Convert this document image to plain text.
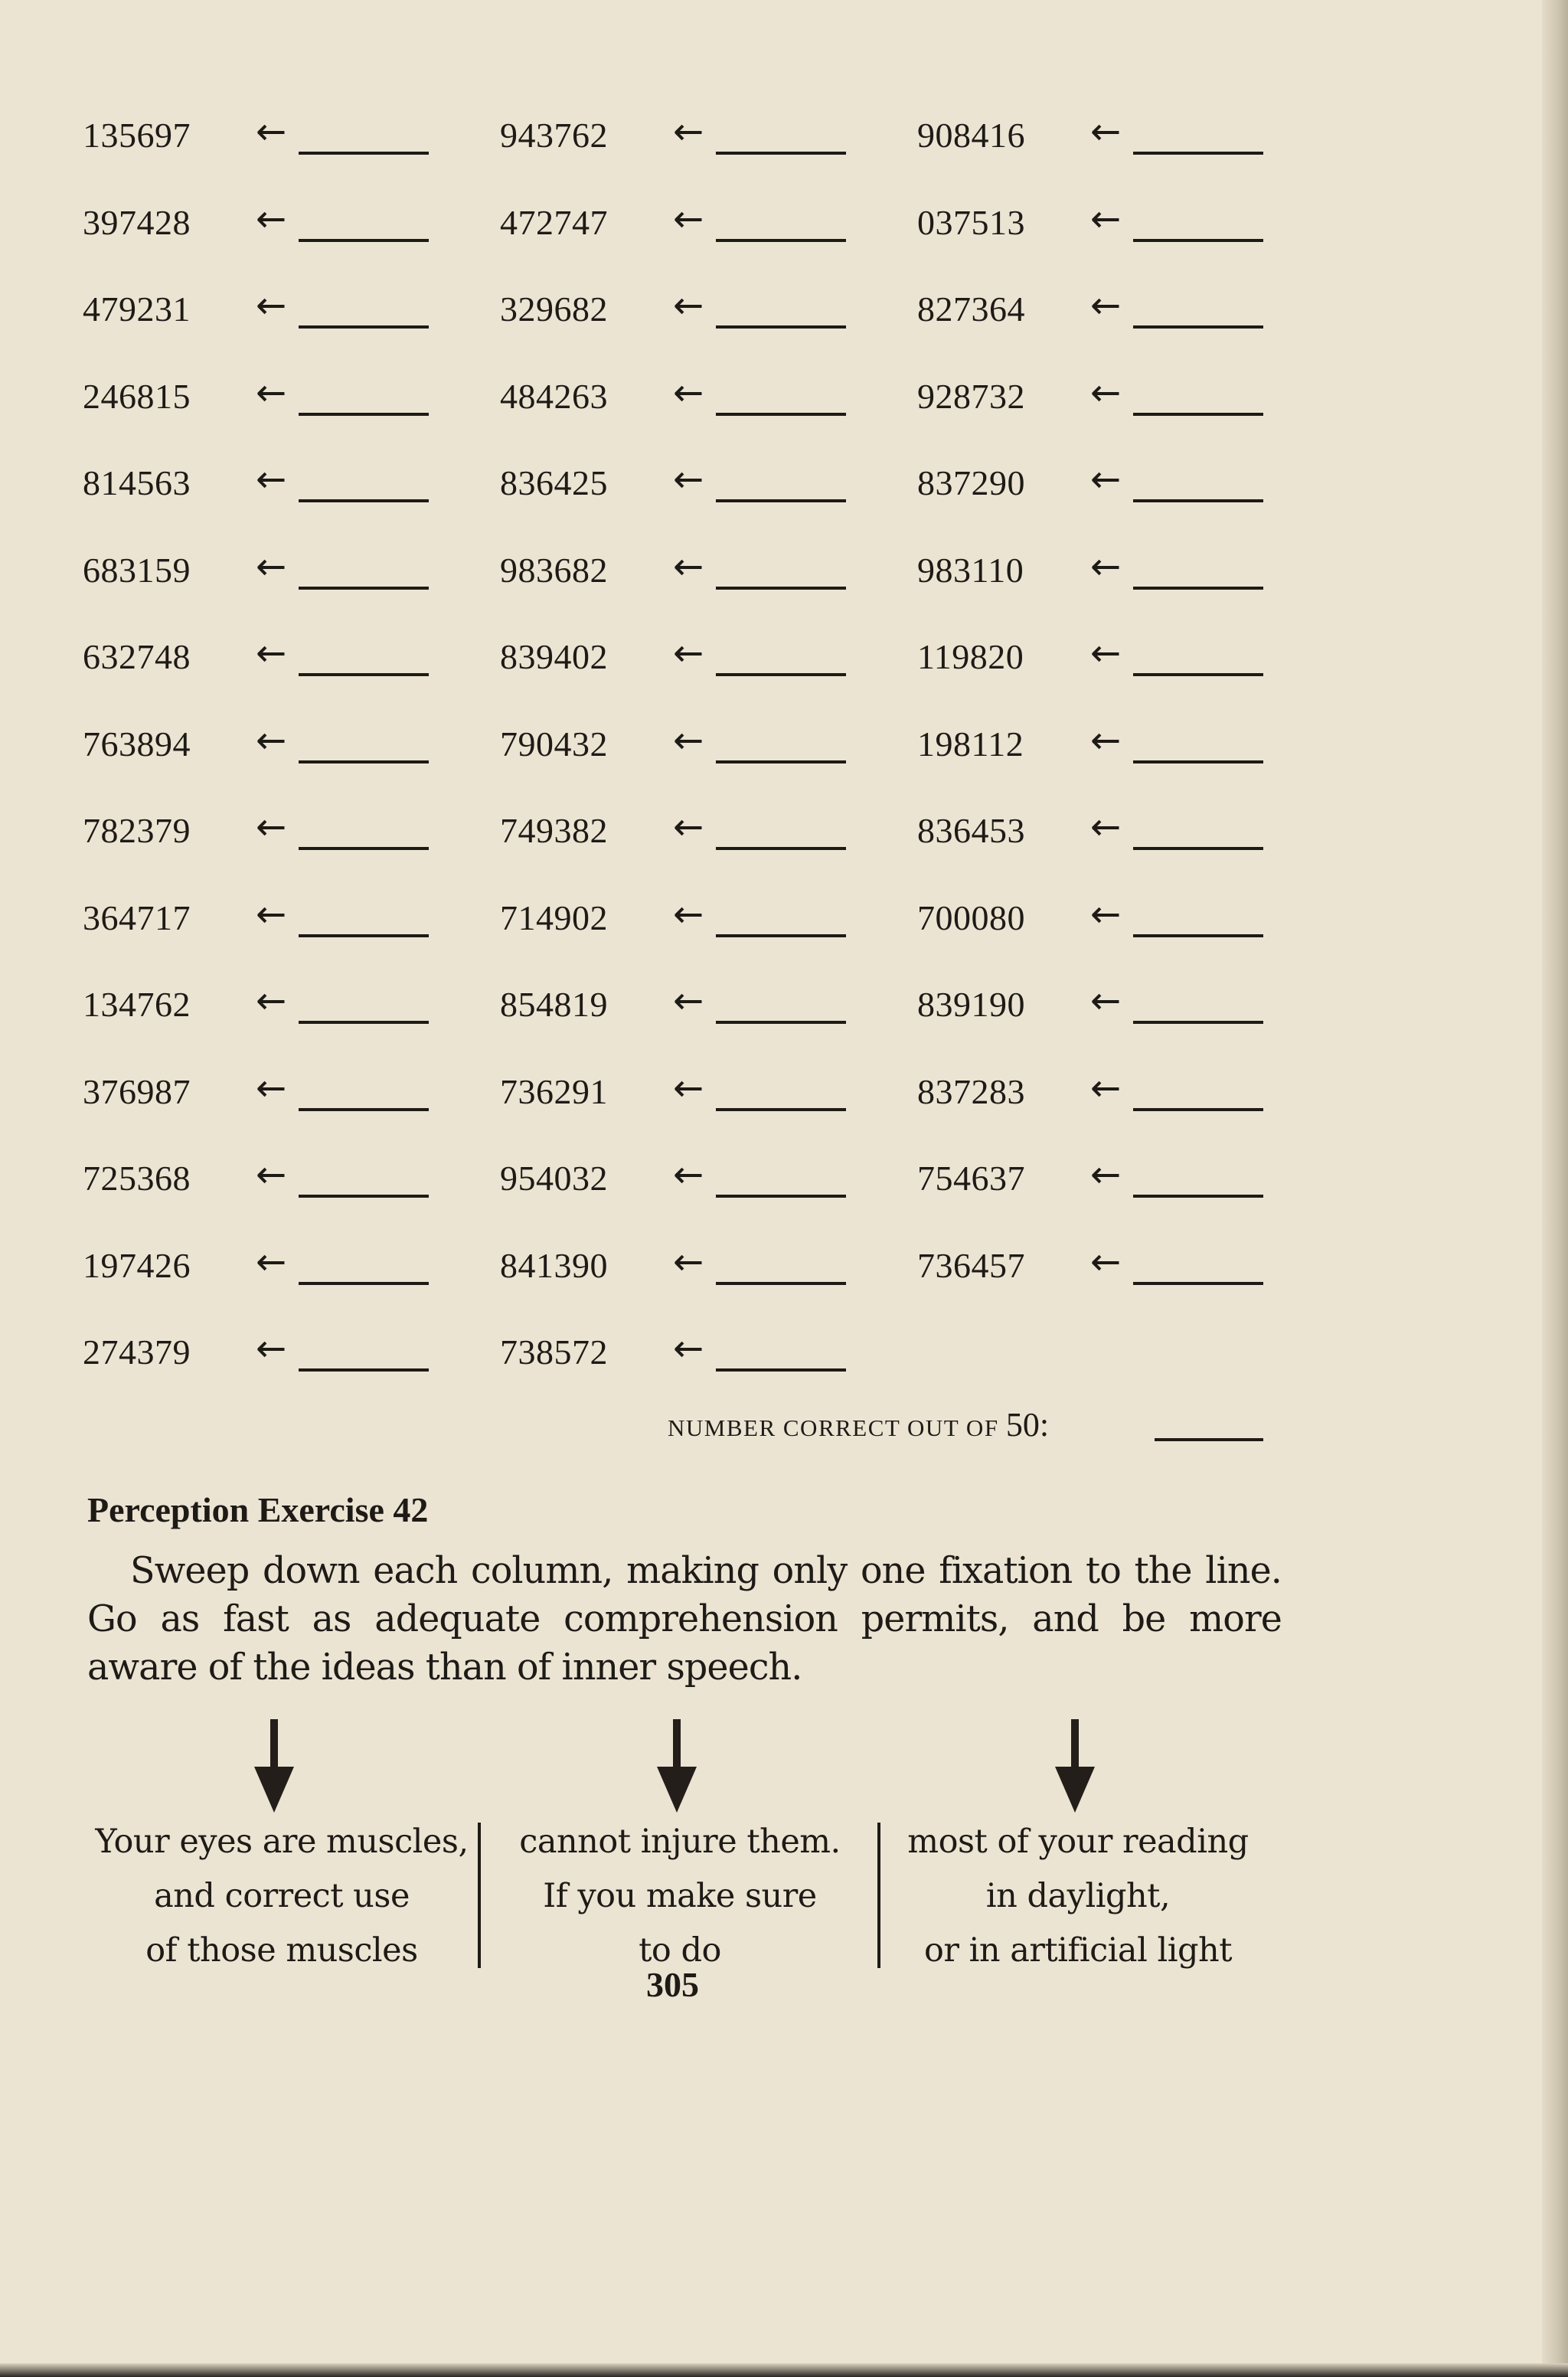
135697 ←
397428 ←
479231 ←
246815 ←
814563 ←
683159 ←
632748 ←
763894 ←
782379 ←
364717 ←
134762 ←
376987 ←
725368 ←
197426 ←
274379 ←
943762 ←
472747 ←
329682 ←
484263 ←
836425 ←
983682 ←
839402 ←
790432 ←
749382 ←
714902 ←
854819 ←
736291 ←
954032 ←
841390 ←
738572 ←
908416 ←
037513 ←
827364 ←
928732 ←
837290 ←
983110 ←
119820 ←
198112 ←
836453 ←
700080 ←
839190 ←
837283 ←
754637 ←
736457 ←
NUMBER CORRECT OUT OF 50:
Perception Exercise 42

Sweep down each column, making only one fixation to the line. Go as fast as adequate comprehension permits, and be more aware of the ideas than of inner speech.

Your eyes are muscles,
and correct use
of those muscles
cannot injure them.
If you make sure
to do
most of your reading
in daylight,
or in artificial light
305
